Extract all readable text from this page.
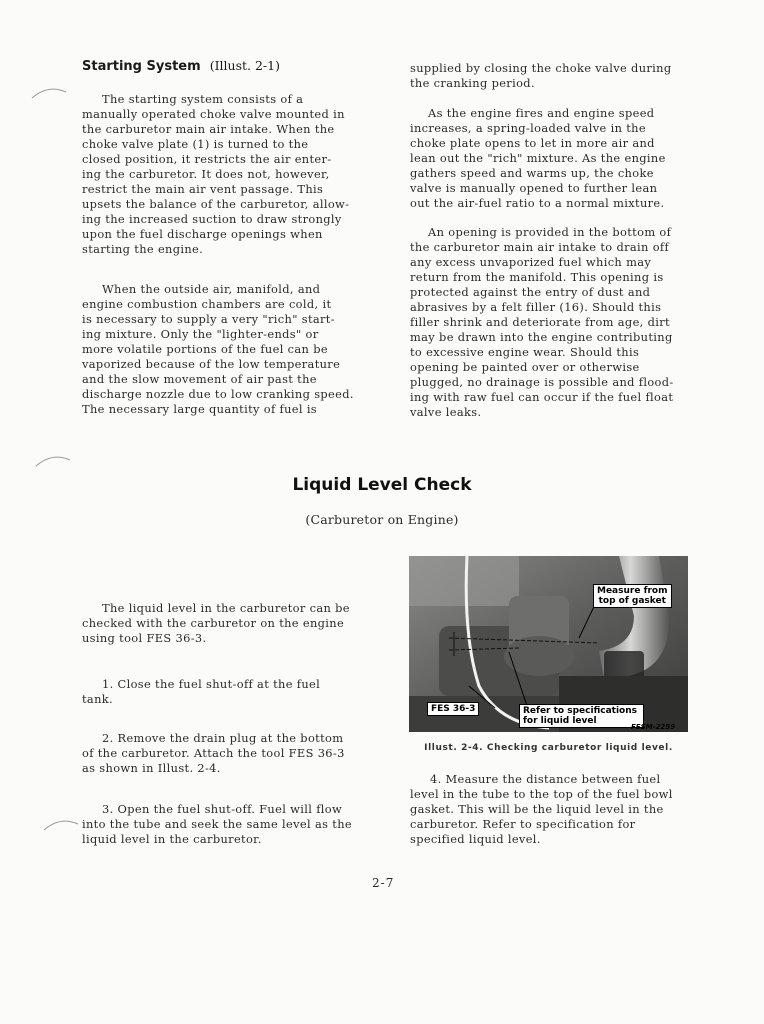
Starting System (Illust. 2-1)

The starting system consists of a
manually operated choke valve mounted in
the carburetor main air intake. When the
choke valve plate (1) is turned to the
closed position, it restricts the air enter-
ing the carburetor. It does not, however,
restrict the main air vent passage. This
upsets the balance of the carburetor, allow-
ing the increased suction to draw strongly
upon the fuel discharge openings when
starting the engine.

When the outside air, manifold, and
engine combustion chambers are cold, it
is necessary to supply a very "rich" start-
ing mixture. Only the "lighter-ends" or
more volatile portions of the fuel can be
vaporized because of the low temperature
and the slow movement of air past the
discharge nozzle due to low cranking speed.
The necessary large quantity of fuel is

supplied by closing the choke valve during
the cranking period.

As the engine fires and engine speed
increases, a spring-loaded valve in the
choke plate opens to let in more air and
lean out the "rich" mixture. As the engine
gathers speed and warms up, the choke
valve is manually opened to further lean
out the air-fuel ratio to a normal mixture.

An opening is provided in the bottom of
the carburetor main air intake to drain off
any excess unvaporized fuel which may
return from the manifold. This opening is
protected against the entry of dust and
abrasives by a felt filler (16). Should this
filler shrink and deteriorate from age, dirt
may be drawn into the engine contributing
to excessive engine wear. Should this
opening be painted over or otherwise
plugged, no drainage is possible and flood-
ing with raw fuel can occur if the fuel float
valve leaks.

Liquid Level Check
(Carburetor on Engine)

The liquid level in the carburetor can be
checked with the carburetor on the engine
using tool FES 36-3.

1. Close the fuel shut-off at the fuel
tank.

2. Remove the drain plug at the bottom
of the carburetor. Attach the tool FES 36-3
as shown in Illust. 2-4.

3. Open the fuel shut-off. Fuel will flow
into the tube and seek the same level as the
liquid level in the carburetor.

4. Measure the distance between fuel
level in the tube to the top of the fuel bowl
gasket. This will be the liquid level in the
carburetor. Refer to specification for
specified liquid level.

Measure from
top of gasket
FES 36-3	Refer to specifications
for liquid level
FESM-2259
Illust. 2-4. Checking carburetor liquid level.
2-7
